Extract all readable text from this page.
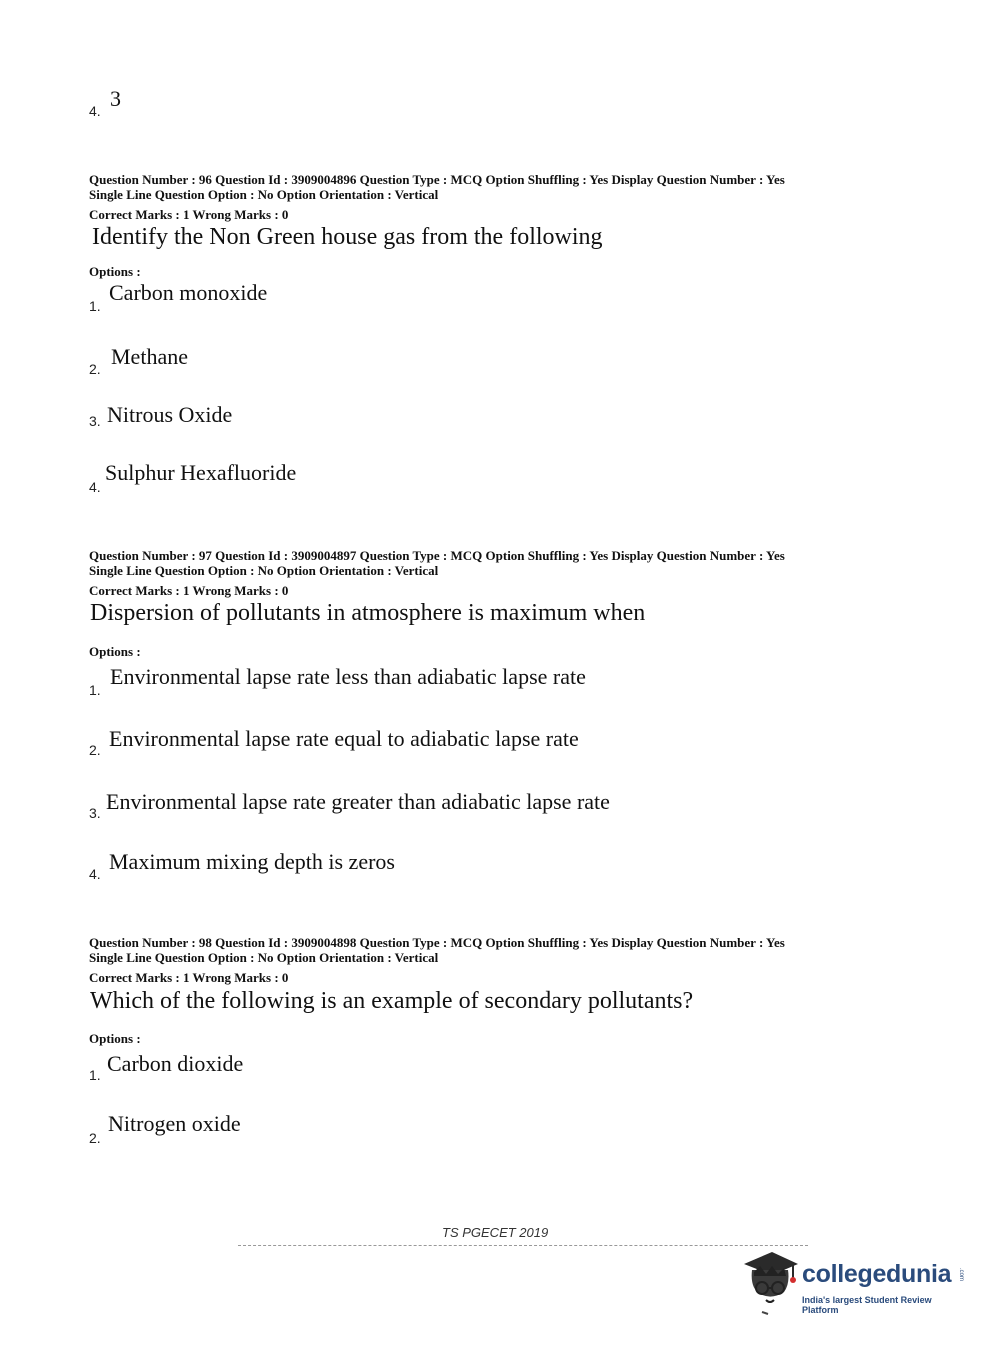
4. 3
Question Number : 96 Question Id : 3909004896 Question Type : MCQ Option Shuffling : Yes Display Question Number : Yes
Single Line Question Option : No Option Orientation : Vertical
Correct Marks : 1 Wrong Marks : 0
Identify the Non Green house gas from the following
Options :
1.
Carbon monoxide
2. Methane
3. Nitrous Oxide
4.
Sulphur Hexafluoride
Question Number : 97 Question Id : 3909004897 Question Type : MCQ Option Shuffling : Yes Display Question Number : Yes
Single Line Question Option : No Option Orientation : Vertical
Correct Marks : 1 Wrong Marks : 0
Dispersion of pollutants in atmosphere is maximum when
Options :
1.
Environmental lapse rate less than adiabatic lapse rate
2. Environmental lapse rate equal to adiabatic lapse rate
3. Environmental lapse rate greater than adiabatic lapse rate
4. Maximum mixing depth is zeros
Question Number : 98 Question Id : 3909004898 Question Type : MCQ Option Shuffling : Yes Display Question Number : Yes
Single Line Question Option : No Option Orientation : Vertical
Correct Marks : 1 Wrong Marks : 0
Which of the following is an example of secondary pollutants?
Options :
1. Carbon dioxide
2.
Nitrogen oxide
TS PGECET 2019
collegedunia .com
India's largest Student Review Platform
